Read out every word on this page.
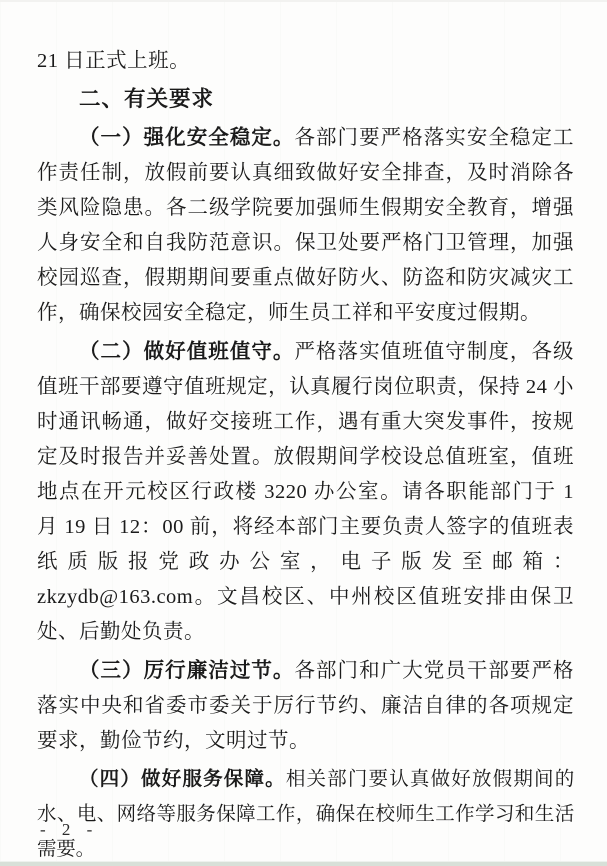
21 日正式上班。

二、有关要求

（一）强化安全稳定。各部门要严格落实安全稳定工作责任制，放假前要认真细致做好安全排查，及时消除各类风险隐患。各二级学院要加强师生假期安全教育，增强人身安全和自我防范意识。保卫处要严格门卫管理，加强校园巡查，假期期间要重点做好防火、防盗和防灾减灾工作，确保校园安全稳定，师生员工祥和平安度过假期。

（二）做好值班值守。严格落实值班值守制度，各级值班干部要遵守值班规定，认真履行岗位职责，保持 24 小时通讯畅通，做好交接班工作，遇有重大突发事件，按规定及时报告并妥善处置。放假期间学校设总值班室，值班地点在开元校区行政楼 3220 办公室。请各职能部门于 1 月 19 日 12：00 前，将经本部门主要负责人签字的值班表纸质版报党政办公室，电子版发至邮箱：zkzydb@163.com。文昌校区、中州校区值班安排由保卫处、后勤处负责。

（三）厉行廉洁过节。各部门和广大党员干部要严格落实中央和省委市委关于厉行节约、廉洁自律的各项规定要求，勤俭节约，文明过节。

（四）做好服务保障。相关部门要认真做好放假期间的水、电、网络等服务保障工作，确保在校师生工作学习和生活需要。

- 2 -
